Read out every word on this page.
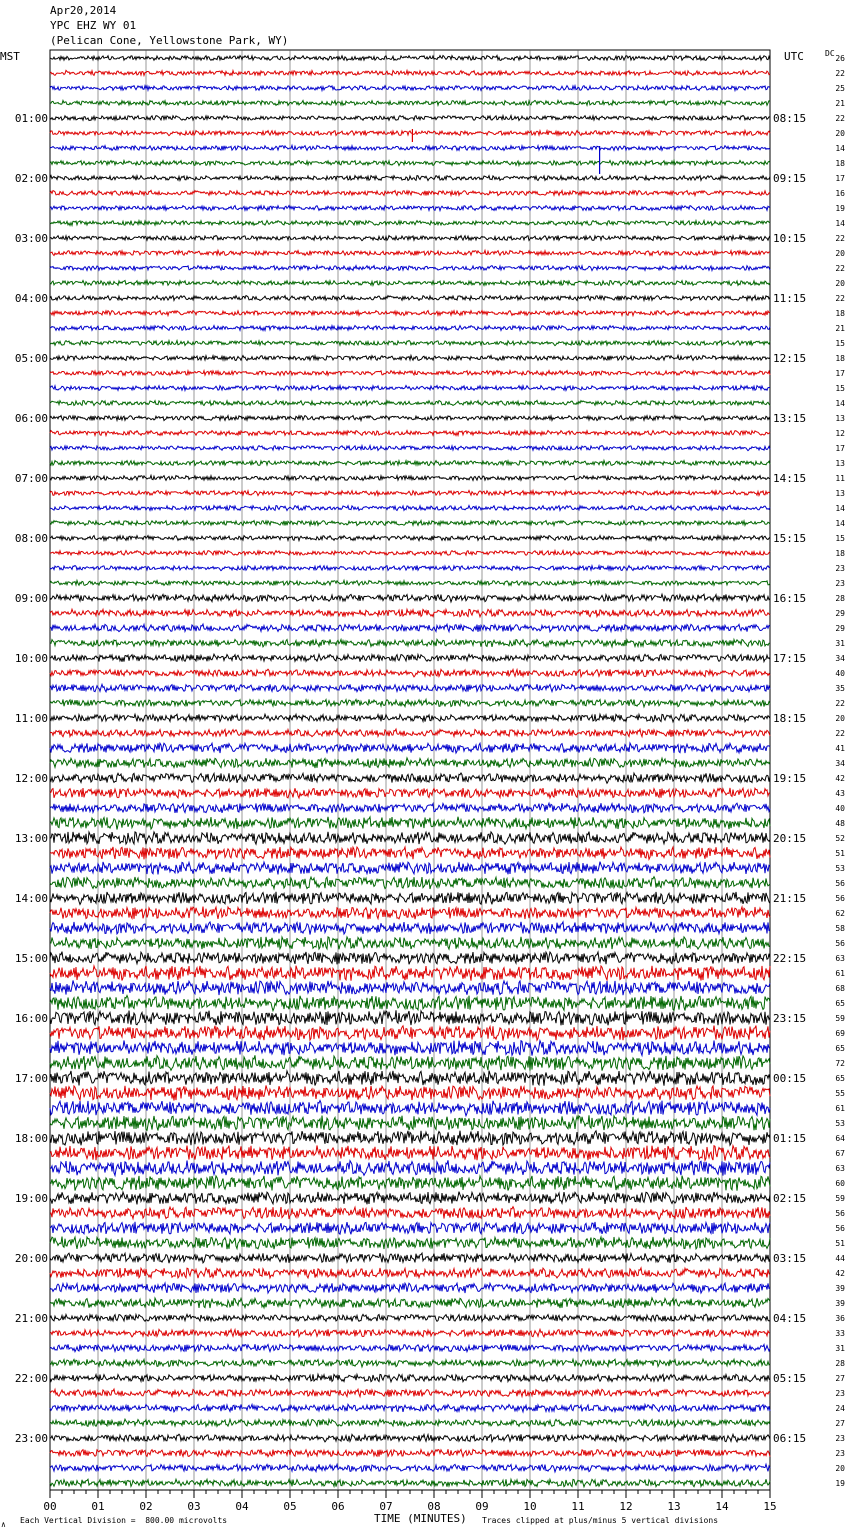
Apr20,2014
YPC EHZ WY 01
(Pelican Cone, Yellowstone Park, WY)
MST	UTC	DC
26
22
25
21
22
20
14
18
17
16
19
14
22
20
22
20
22
18
21
15
18
17
15
14
13
12
17
13
11
13
14
14
15
18
23
23
28
29
29
31
34
40
35
22
20
22
41
34
42
43
40
48
52
51
53
56
56
62
58
56
63
61
68
65
59
69
65
72
65
55
61
53
64
67
63
60
59
56
56
51
44
42
39
39
36
33
31
28
27
23
24
27
23
23
20
19
01:00
02:00
03:00
04:00
05:00
06:00
07:00
08:00
09:00
10:00
11:00
12:00
13:00
14:00
15:00
16:00
17:00
18:00
19:00
20:00
21:00
22:00
23:00
08:15
09:15
10:15
11:15
12:15
13:15
14:15
15:15
16:15
17:15
18:15
19:15
20:15
21:15
22:15
23:15
00:15
01:15
02:15
03:15
04:15
05:15
06:15
00	01	02	03	04	05	06	07	08	09	10	11	12	13	14	15
TIME (MINUTES)
Each Vertical Division =  800.00 microvolts	Traces clipped at plus/minus 5 vertical divisions
∧
